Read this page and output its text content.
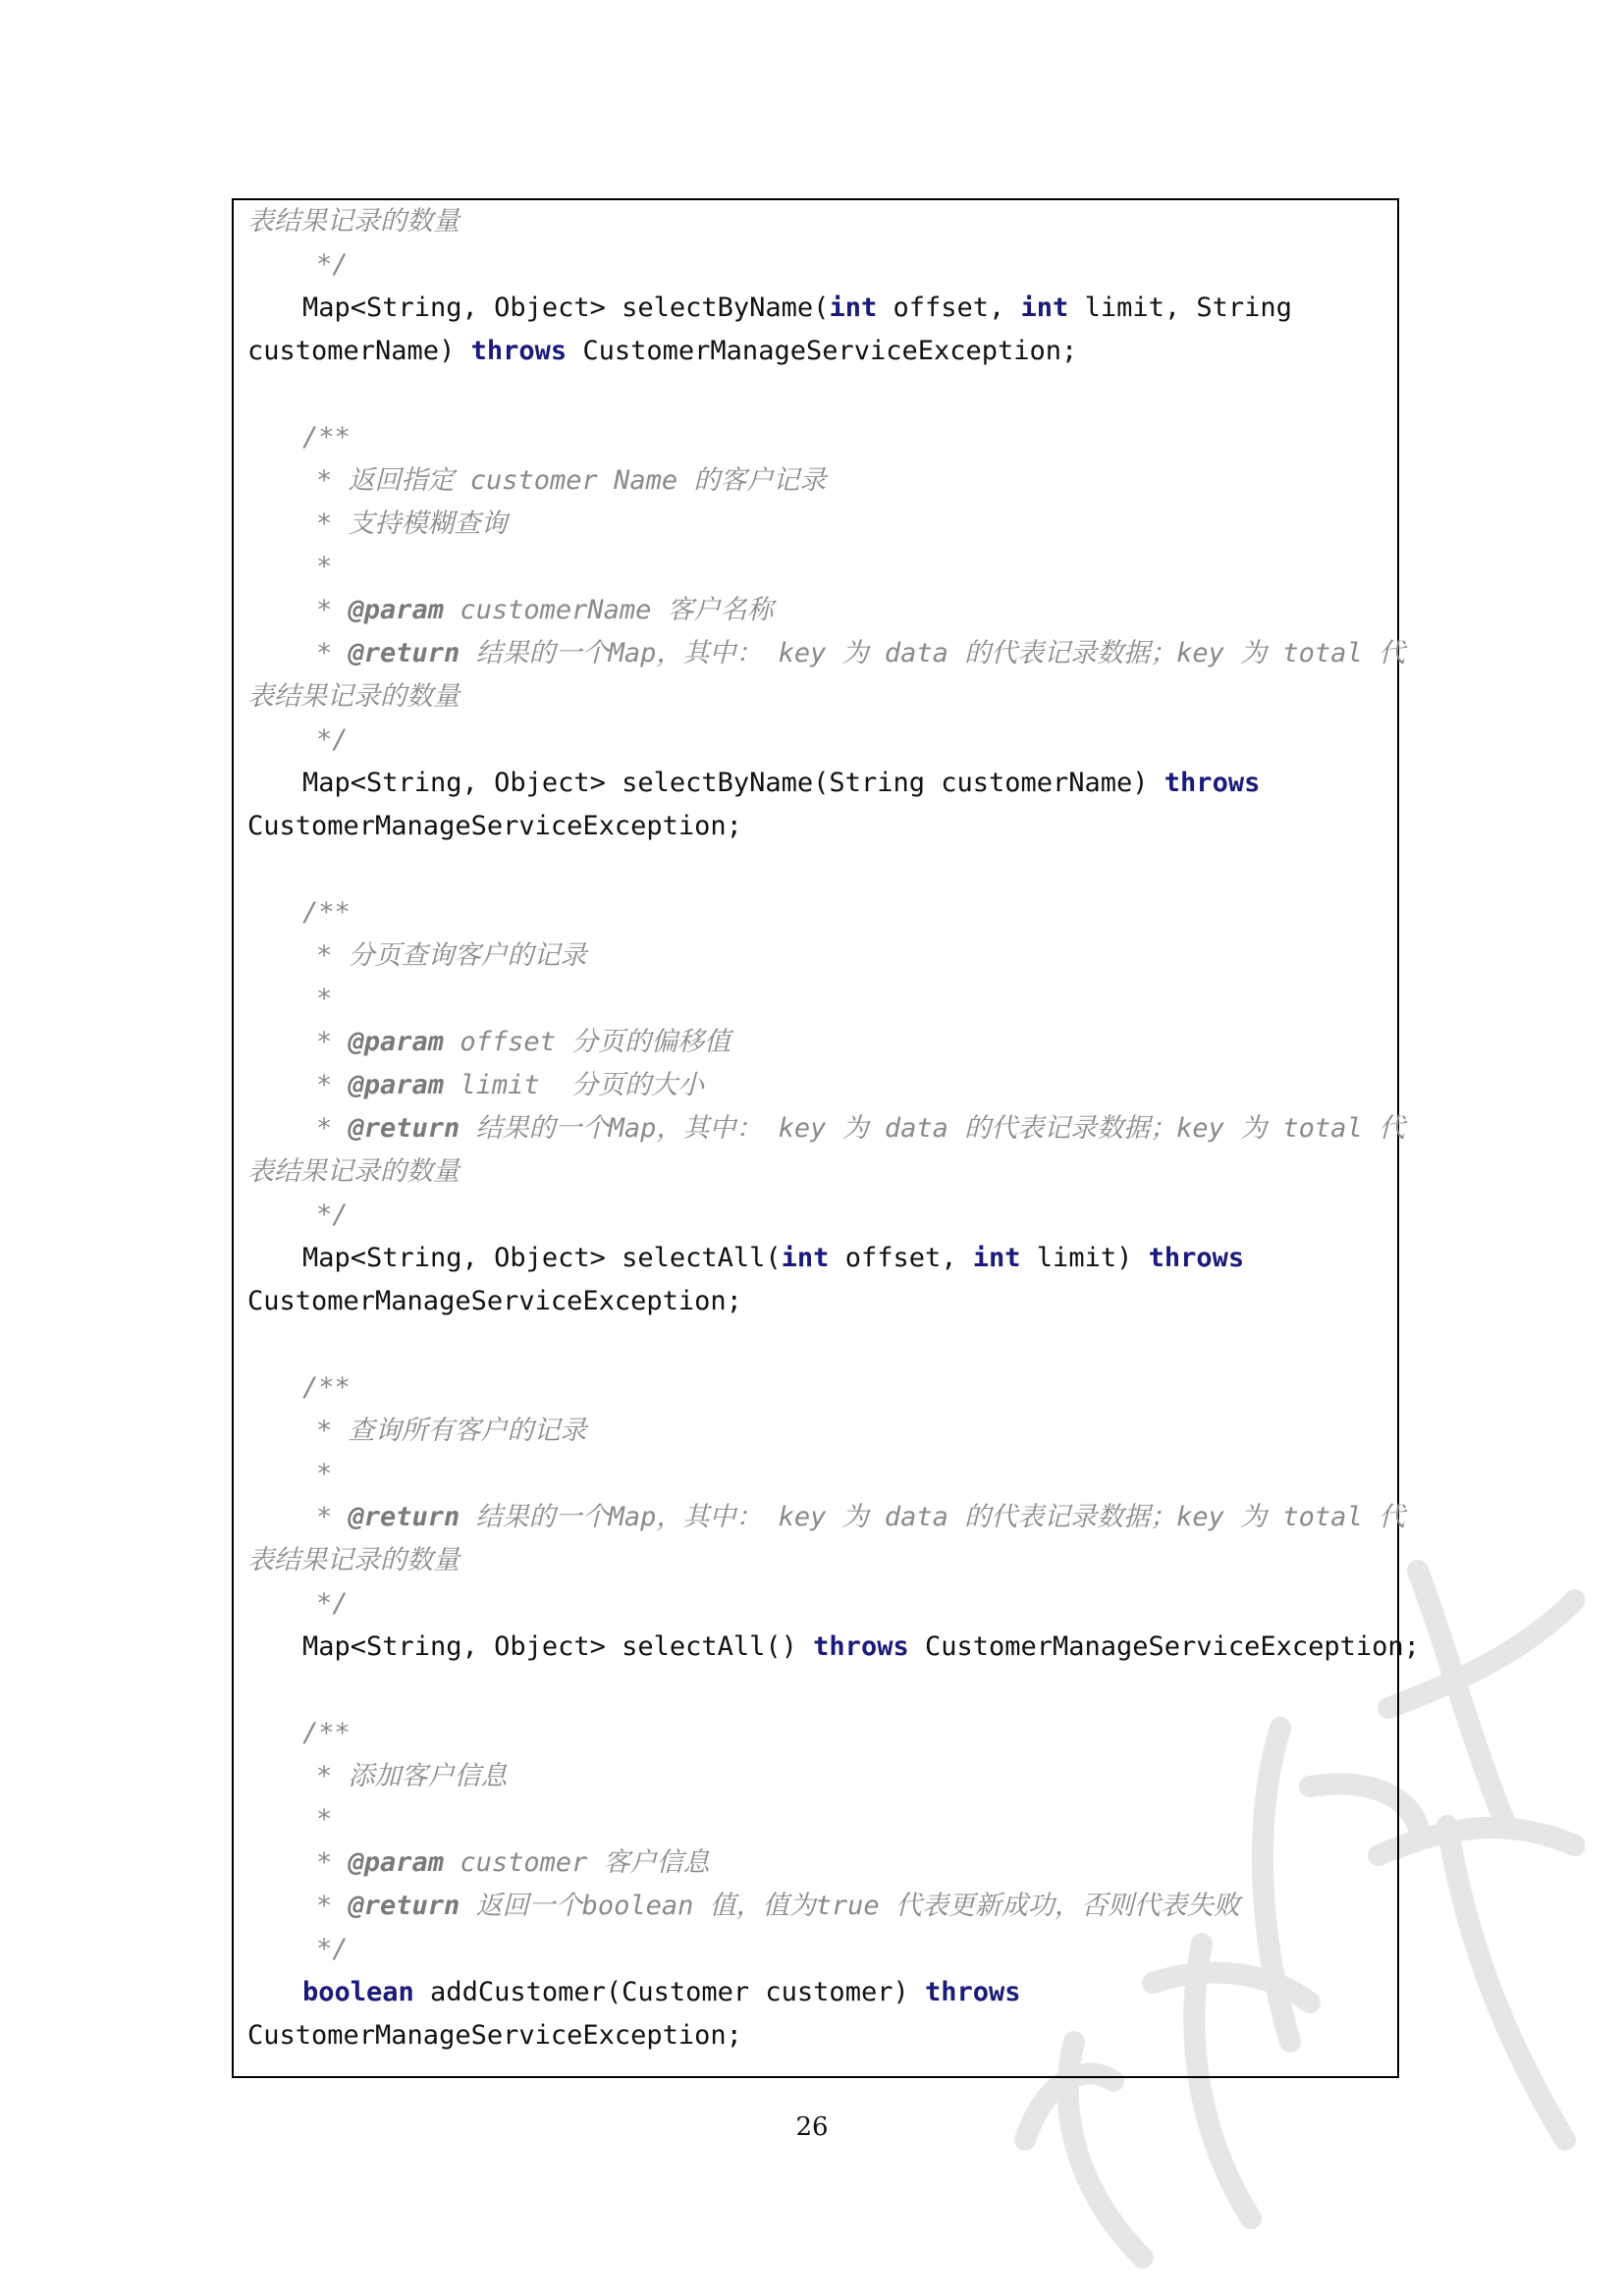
表结果记录的数量
*/
Map<String, Object> selectByName(int offset, int limit, String
customerName) throws CustomerManageServiceException;
/**
* 返回指定 customer Name 的客户记录
* 支持模糊查询
*
* @param customerName 客户名称
* @return 结果的一个Map，其中： key 为 data 的代表记录数据；key 为 total 代
表结果记录的数量
*/
Map<String, Object> selectByName(String customerName) throws
CustomerManageServiceException;
/**
* 分页查询客户的记录
*
* @param offset 分页的偏移值
* @param limit  分页的大小
* @return 结果的一个Map，其中： key 为 data 的代表记录数据；key 为 total 代
表结果记录的数量
*/
Map<String, Object> selectAll(int offset, int limit) throws
CustomerManageServiceException;
/**
* 查询所有客户的记录
*
* @return 结果的一个Map，其中： key 为 data 的代表记录数据；key 为 total 代
表结果记录的数量
*/
Map<String, Object> selectAll() throws CustomerManageServiceException;
/**
* 添加客户信息
*
* @param customer 客户信息
* @return 返回一个boolean 值，值为true 代表更新成功，否则代表失败
*/
boolean addCustomer(Customer customer) throws
CustomerManageServiceException;
26
